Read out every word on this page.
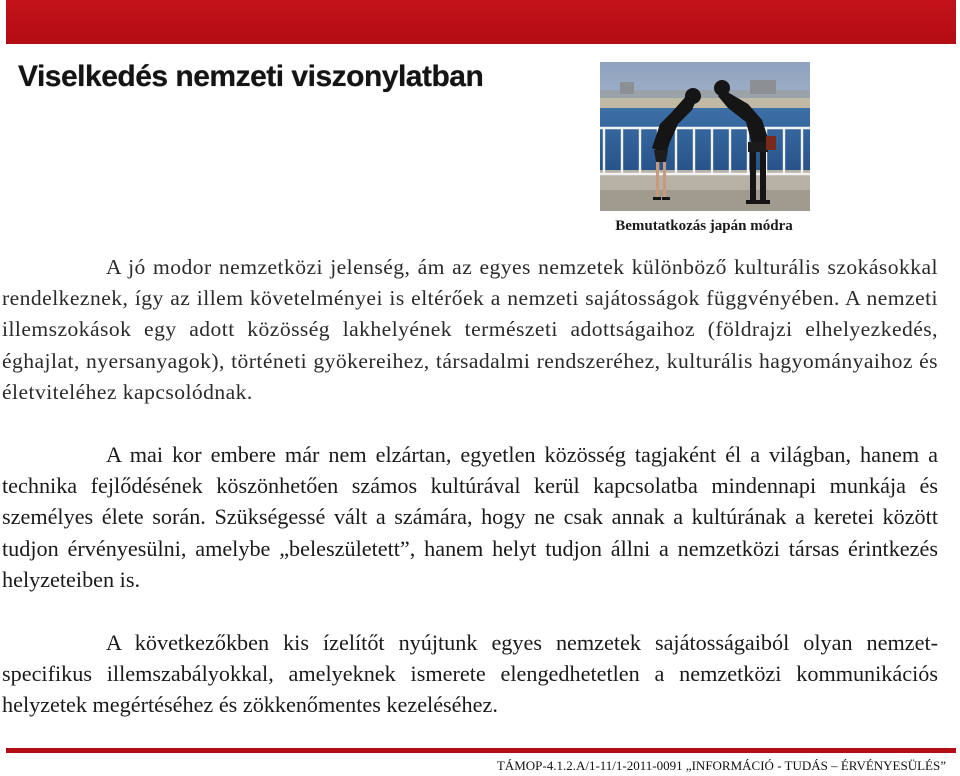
Viselkedés nemzeti viszonylatban
Bemutatkozás japán módra

A jó modor nemzetközi jelenség, ám az egyes nemzetek különböző kulturális szokásokkal rendelkeznek, így az illem követelményei is eltérőek a nemzeti sajátosságok függvényében. A nemzeti illemszokások egy adott közösség lakhelyének természeti adottságaihoz (földrajzi elhelyezkedés, éghajlat, nyersanyagok), történeti gyökereihez, társadalmi rendszeréhez, kulturális hagyományaihoz és életviteléhez kapcsolódnak.

A mai kor embere már nem elzártan, egyetlen közösség tagjaként él a világban, hanem a technika fejlődésének köszönhetően számos kultúrával kerül kapcsolatba mindennapi munkája és személyes élete során. Szükségessé vált a számára, hogy ne csak annak a kultúrának a keretei között tudjon érvényesülni, amelybe „beleszületett”, hanem helyt tudjon állni a nemzetközi társas érintkezés helyzeteiben is.

A következőkben kis ízelítőt nyújtunk egyes nemzetek sajátosságaiból olyan nemzet-specifikus illemszabályokkal, amelyeknek ismerete elengedhetetlen a nemzetközi kommunikációs helyzetek megértéséhez és zökkenőmentes kezeléséhez.

TÁMOP-4.1.2.A/1-11/1-2011-0091 „INFORMÁCIÓ - TUDÁS – ÉRVÉNYESÜLÉS”
